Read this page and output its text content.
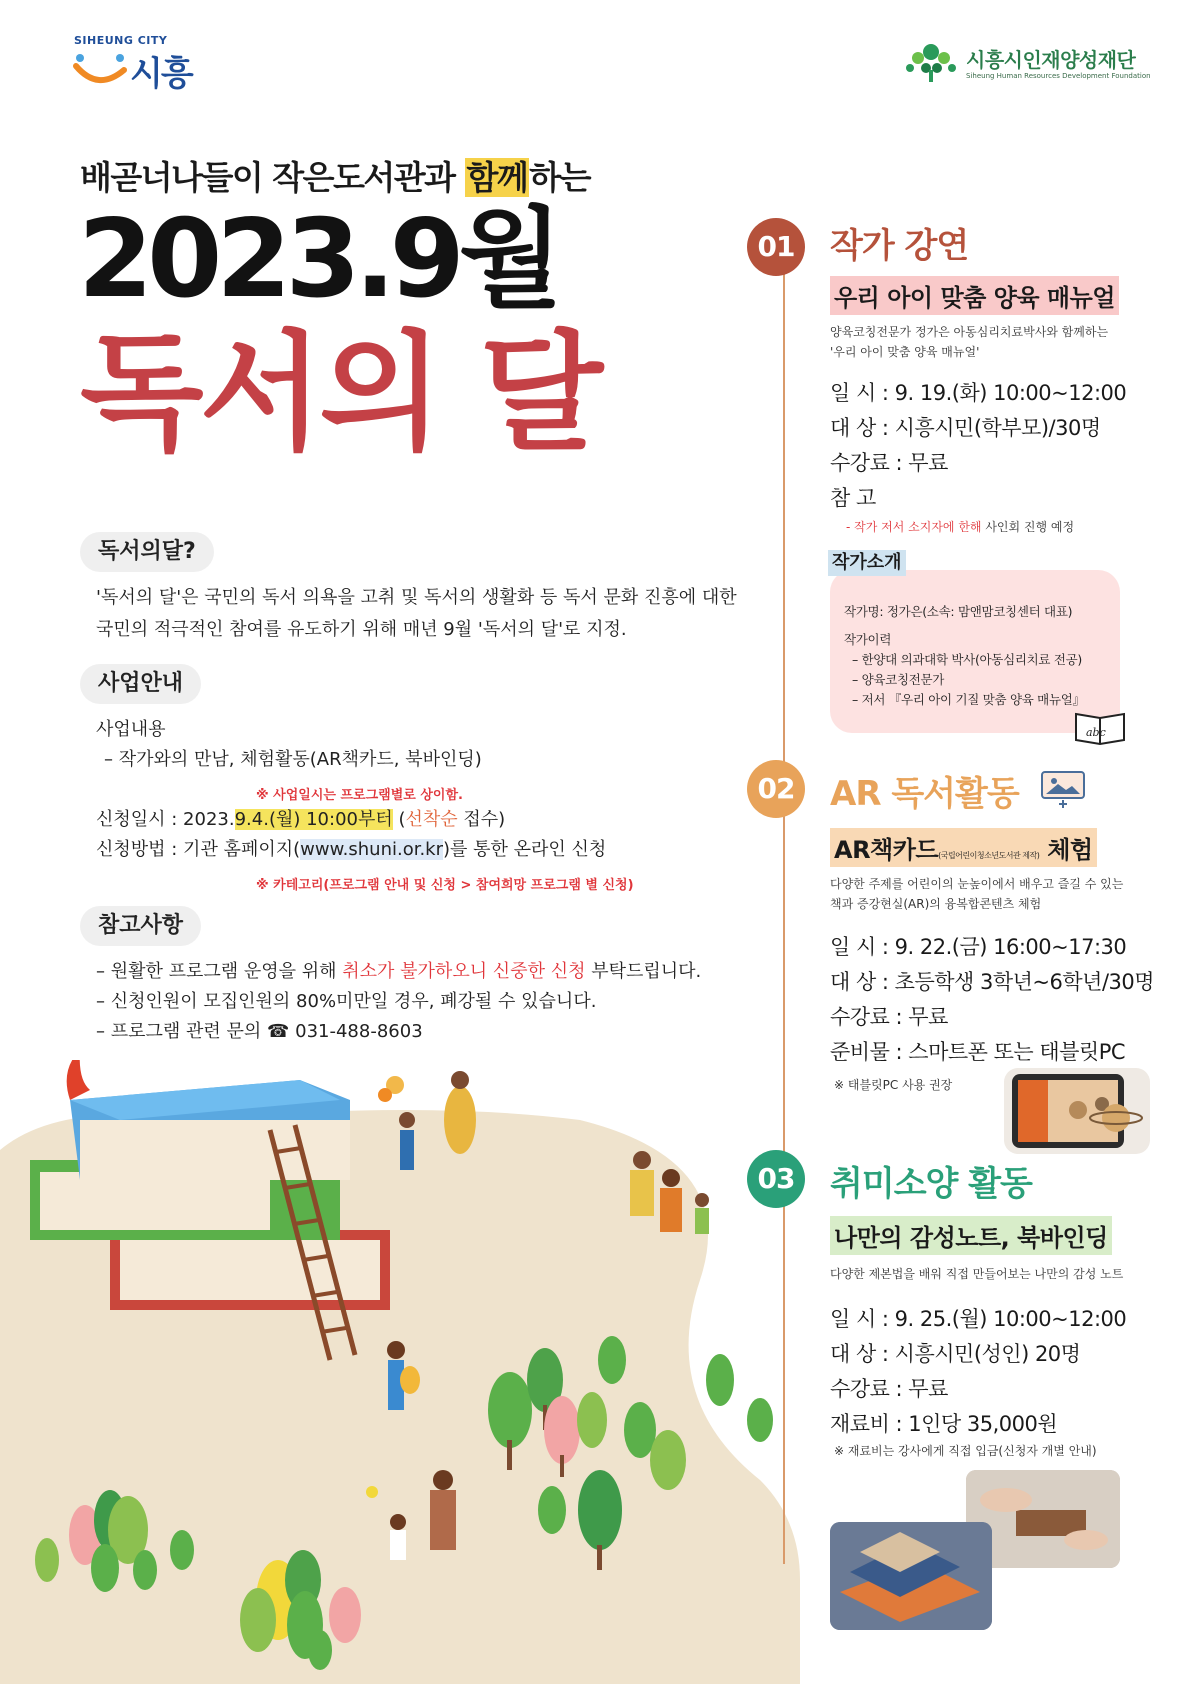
SIHEUNG CITY
시흥	시흥시인재양성재단
Siheung Human Resources Development Foundation
배곧너나들이 작은도서관과 함께하는
2023.9월
독서의 달
독서의달?
'독서의 달'은 국민의 독서 의욕을 고취 및 독서의 생활화 등 독서 문화 진흥에 대한
국민의 적극적인 참여를 유도하기 위해 매년 9월 '독서의 달'로 지정.
사업안내
사업내용
– 작가와의 만남, 체험활동(AR책카드, 북바인딩)
※ 사업일시는 프로그램별로 상이함.
신청일시 : 2023.9.4.(월) 10:00부터 (선착순 접수)
신청방법 : 기관 홈페이지(www.shuni.or.kr)를 통한 온라인 신청
※ 카테고리(프로그램 안내 및 신청 > 참여희망 프로그램 별 신청)
참고사항
– 원활한 프로그램 운영을 위해 취소가 불가하오니 신중한 신청 부탁드립니다.
– 신청인원이 모집인원의 80%미만일 경우, 폐강될 수 있습니다.
– 프로그램 관련 문의 ☎ 031-488-8603
01	작가 강연
우리 아이 맞춤 양육 매뉴얼
양육코칭전문가 정가은 아동심리치료박사와 함께하는
'우리 아이 맞춤 양육 매뉴얼'
일 시 : 9. 19.(화) 10:00~12:00
대 상 : 시흥시민(학부모)/30명
수강료 : 무료
참 고
- 작가 저서 소지자에 한해 사인회 진행 예정
작가명: 정가은(소속: 맘앤맘코칭센터 대표)
작가이력
– 한양대 의과대학 박사(아동심리치료 전공)
– 양육코칭전문가
– 저서 『우리 아이 기질 맞춤 양육 매뉴얼』
작가소개
abc
02	AR 독서활동
AR책카드(국립어린이청소년도서관 제작) 체험
다양한 주제를 어린이의 눈높이에서 배우고 즐길 수 있는
책과 증강현실(AR)의 융복합콘텐츠 체험
일 시 : 9. 22.(금) 16:00~17:30
대 상 : 초등학생 3학년~6학년/30명
수강료 : 무료
준비물 : 스마트폰 또는 태블릿PC
※ 태블릿PC 사용 권장
03	취미소양 활동
나만의 감성노트, 북바인딩
다양한 제본법을 배워 직접 만들어보는 나만의 감성 노트
일 시 : 9. 25.(월) 10:00~12:00
대 상 : 시흥시민(성인) 20명
수강료 : 무료
재료비 : 1인당 35,000원
※ 재료비는 강사에게 직접 입금(신청자 개별 안내)
